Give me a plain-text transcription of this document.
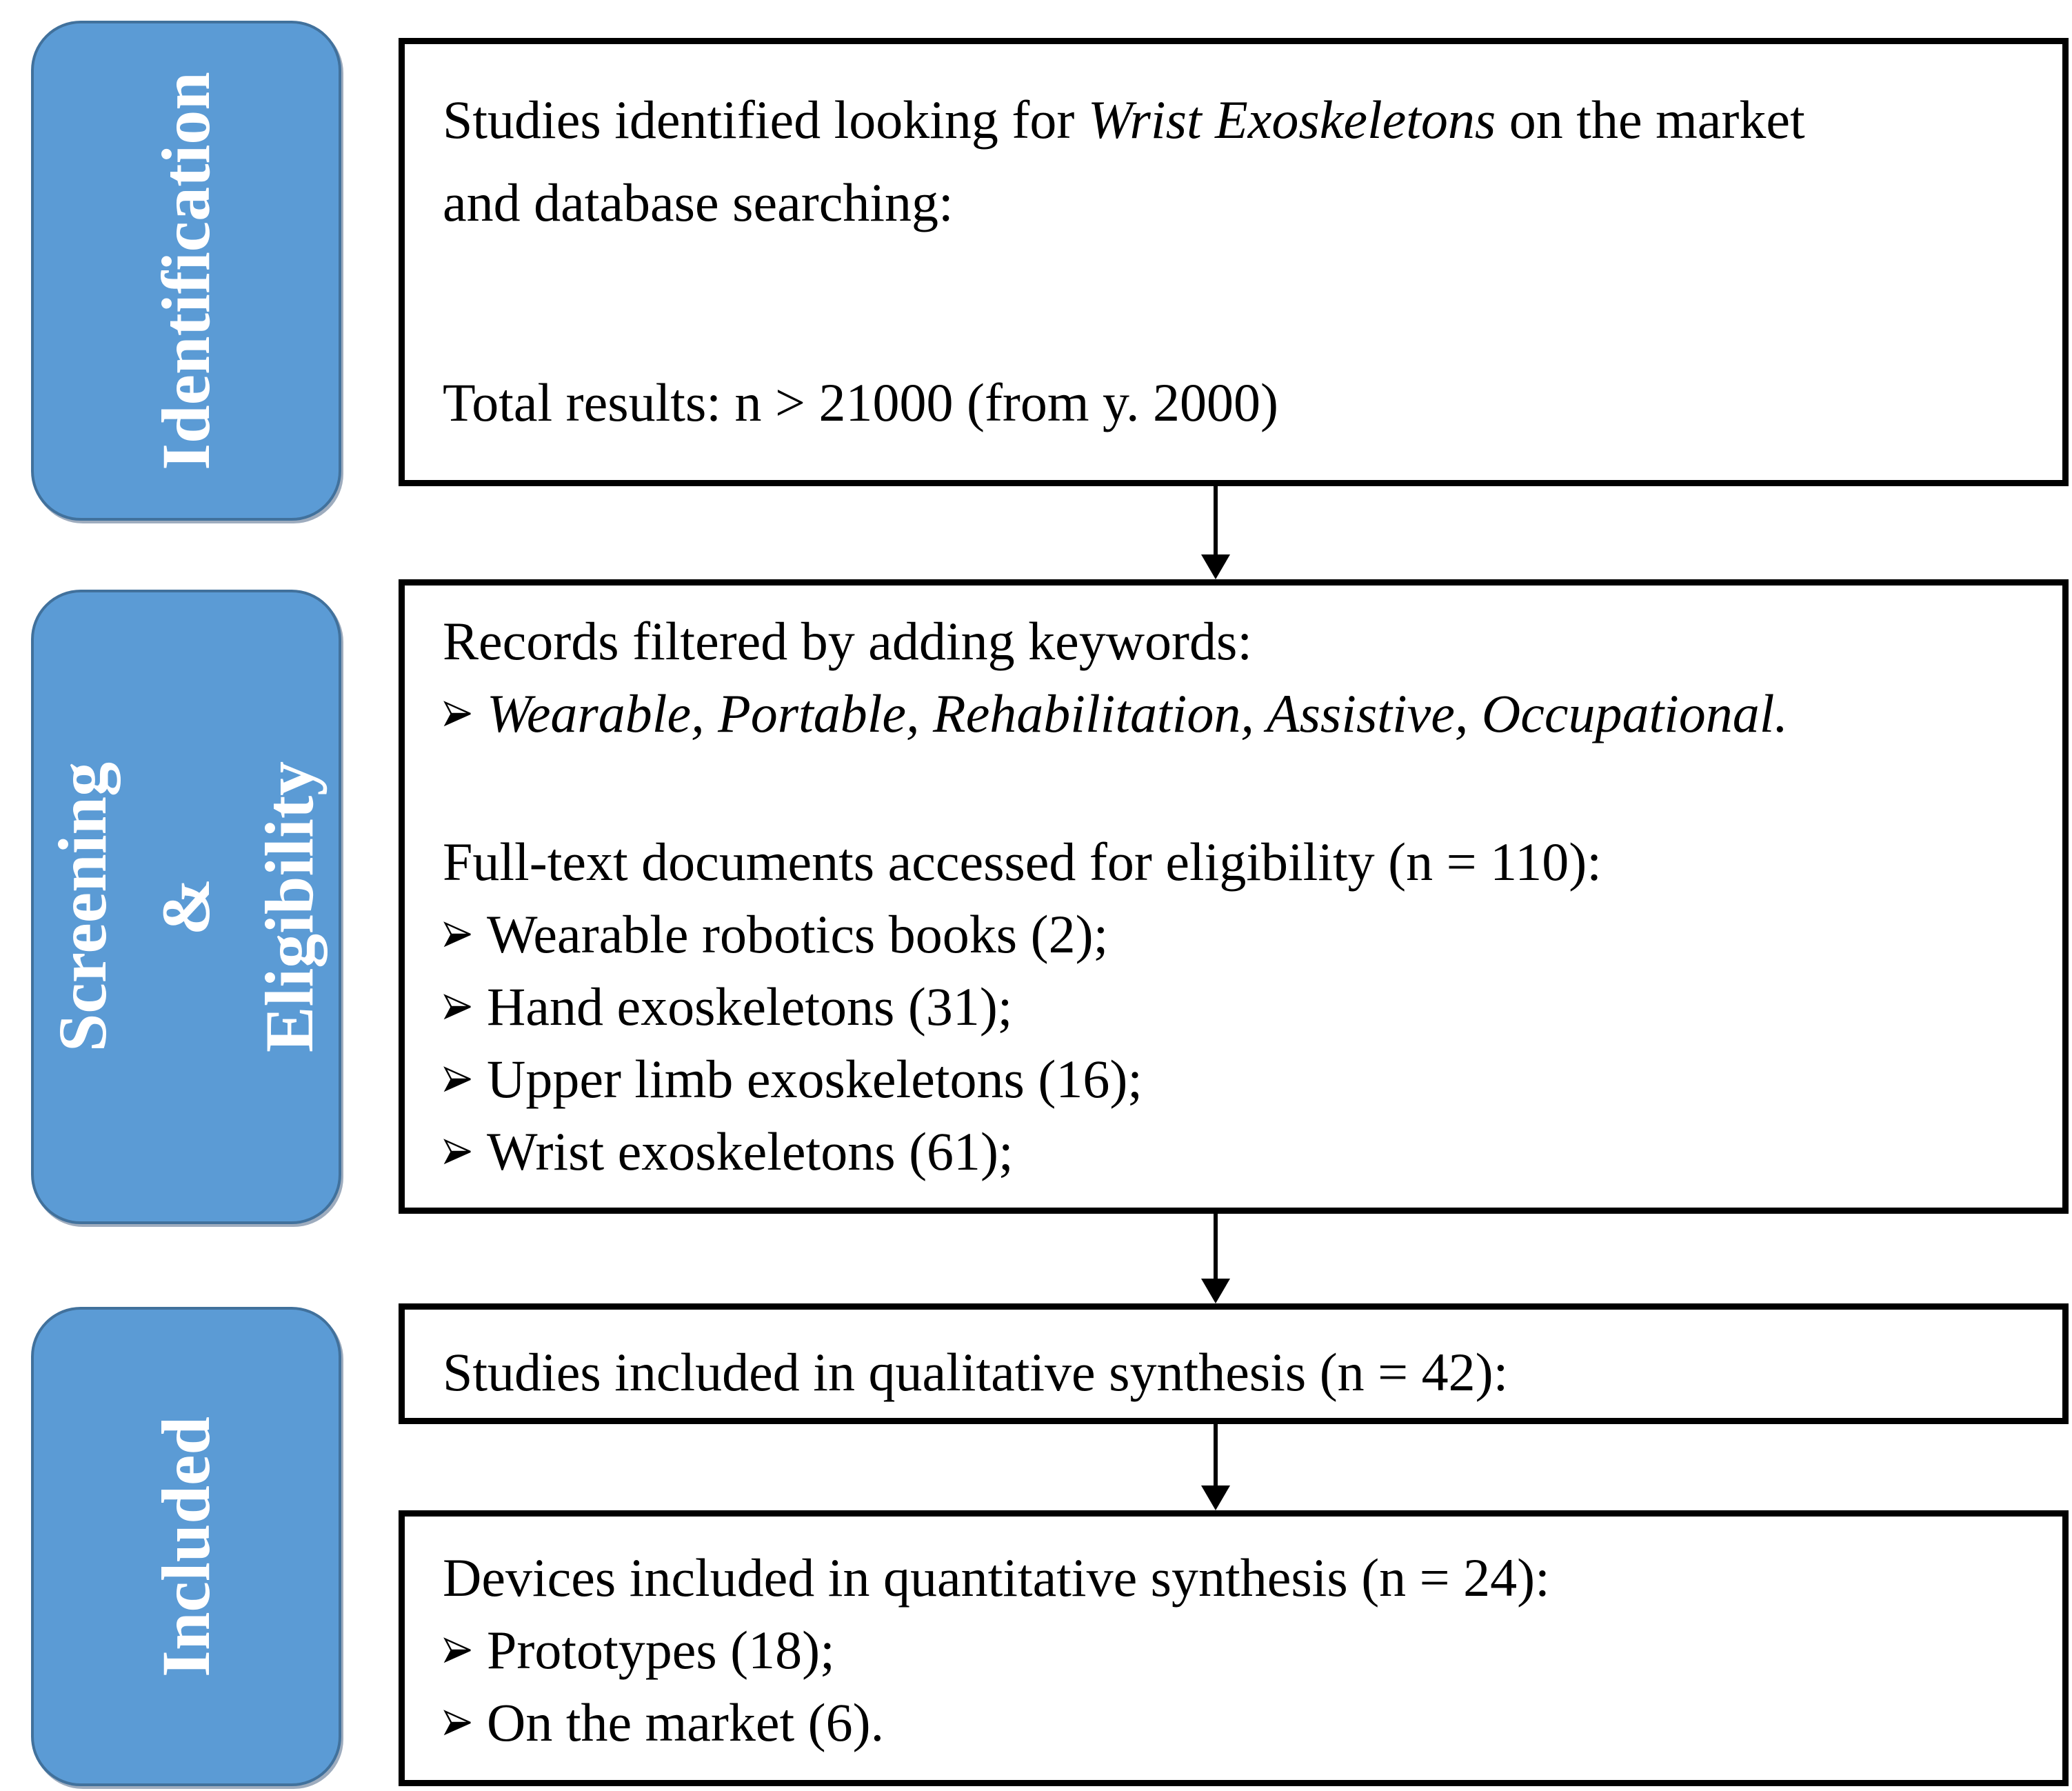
Identification
Screening & Eligibility
Included
Studies identified looking for Wrist Exoskeletons on the market
and database searching:
Total results: n > 21000 (from y. 2000)
Records filtered by adding keywords:
Wearable, Portable, Rehabilitation, Assistive, Occupational.
Full-text documents accessed for eligibility (n = 110):
Wearable robotics books (2);
Hand exoskeletons (31);
Upper limb exoskeletons (16);
Wrist exoskeletons (61);
Studies included in qualitative synthesis (n = 42):
Devices included in quantitative synthesis (n = 24):
Prototypes (18);
On the market (6).
